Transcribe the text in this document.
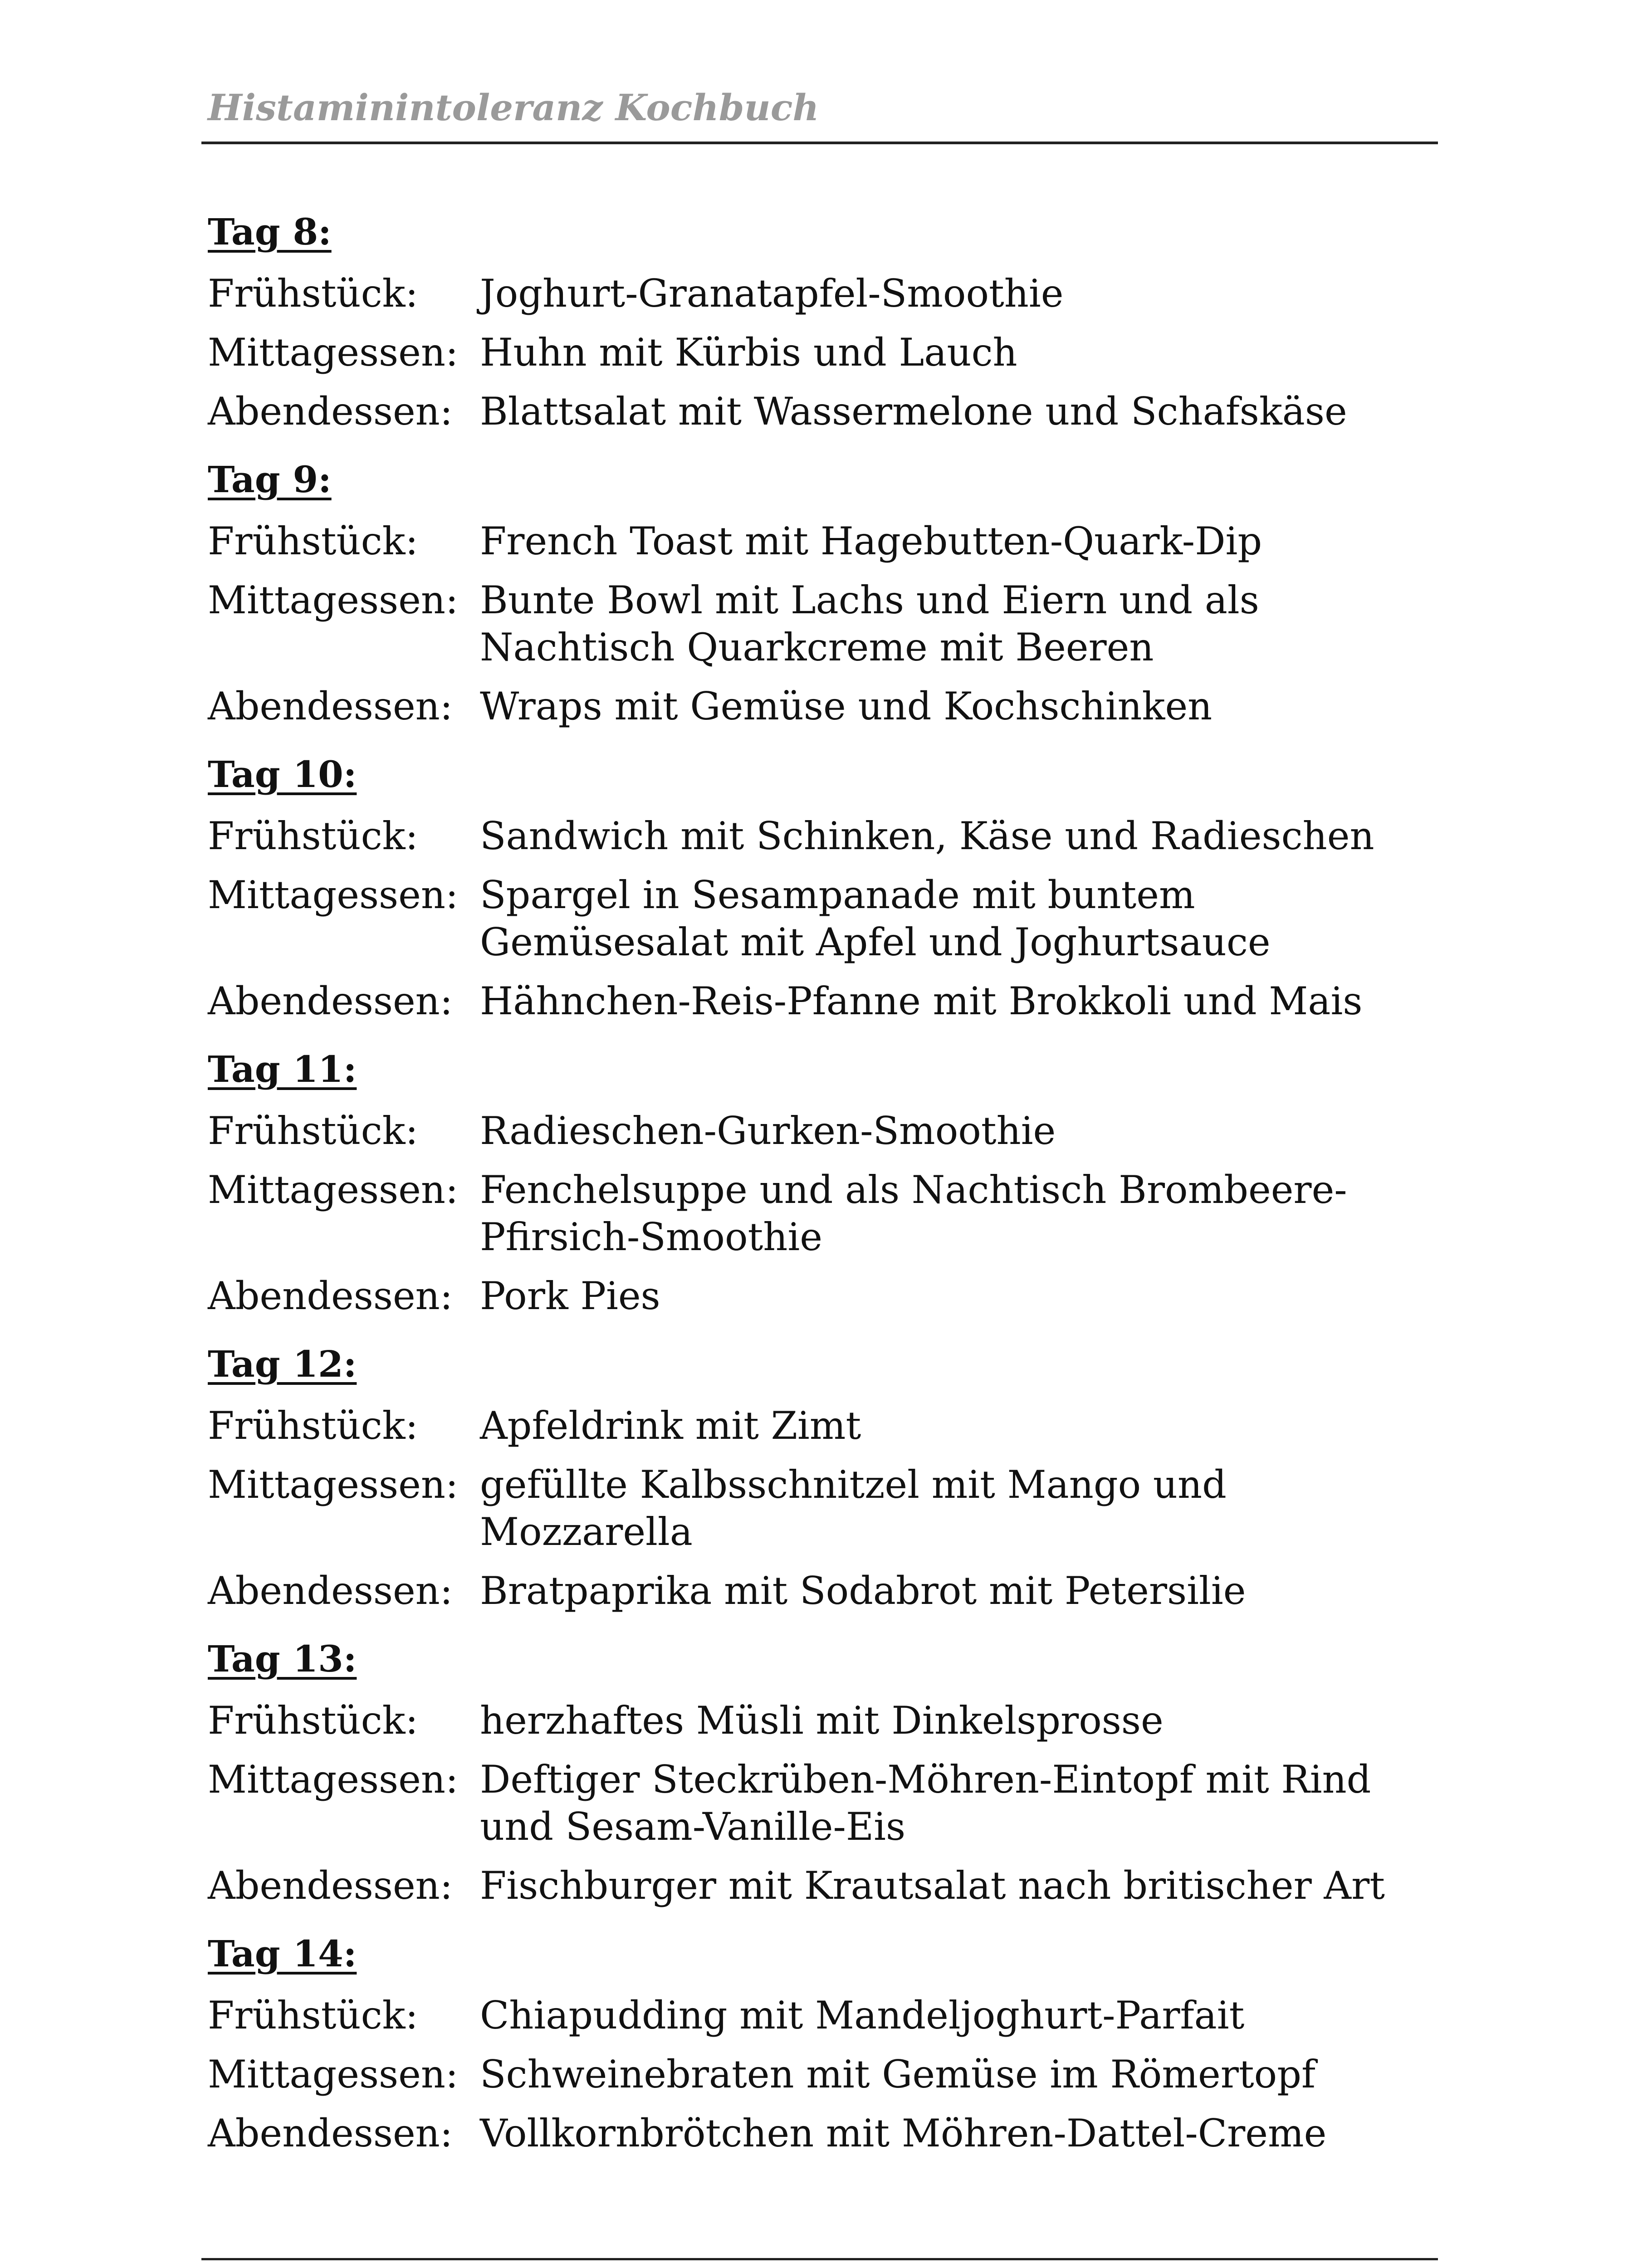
Histaminintoleranz Kochbuch
Tag 8:
Frühstück:	Joghurt-Granatapfel-Smoothie
Mittagessen: Huhn mit Kürbis und Lauch
Abendessen: Blattsalat mit Wassermelone und Schafskäse
Tag 9:
Frühstück:	French Toast mit Hagebutten-Quark-Dip
Mittagessen: Bunte Bowl mit Lachs und Eiern und als Nachtisch Quarkcreme mit Beeren
Abendessen: Wraps mit Gemüse und Kochschinken
Tag 10:
Frühstück:	Sandwich mit Schinken, Käse und Radieschen
Mittagessen: Spargel in Sesampanade mit buntem Gemüsesalat mit Apfel und Joghurtsauce
Abendessen: Hähnchen-Reis-Pfanne mit Brokkoli und Mais
Tag 11:
Frühstück:	Radieschen-Gurken-Smoothie
Mittagessen: Fenchelsuppe und als Nachtisch Brombeere-Pfirsich-Smoothie
Abendessen: Pork Pies
Tag 12:
Frühstück:	Apfeldrink mit Zimt
Mittagessen: gefüllte Kalbsschnitzel mit Mango und Mozzarella
Abendessen: Bratpaprika mit Sodabrot mit Petersilie
Tag 13:
Frühstück:	herzhaftes Müsli mit Dinkelsprosse
Mittagessen: Deftiger Steckrüben-Möhren-Eintopf mit Rind und Sesam-Vanille-Eis
Abendessen: Fischburger mit Krautsalat nach britischer Art
Tag 14:
Frühstück:	Chiapudding mit Mandeljoghurt-Parfait
Mittagessen: Schweinebraten mit Gemüse im Römertopf
Abendessen: Vollkornbrötchen mit Möhren-Dattel-Creme
